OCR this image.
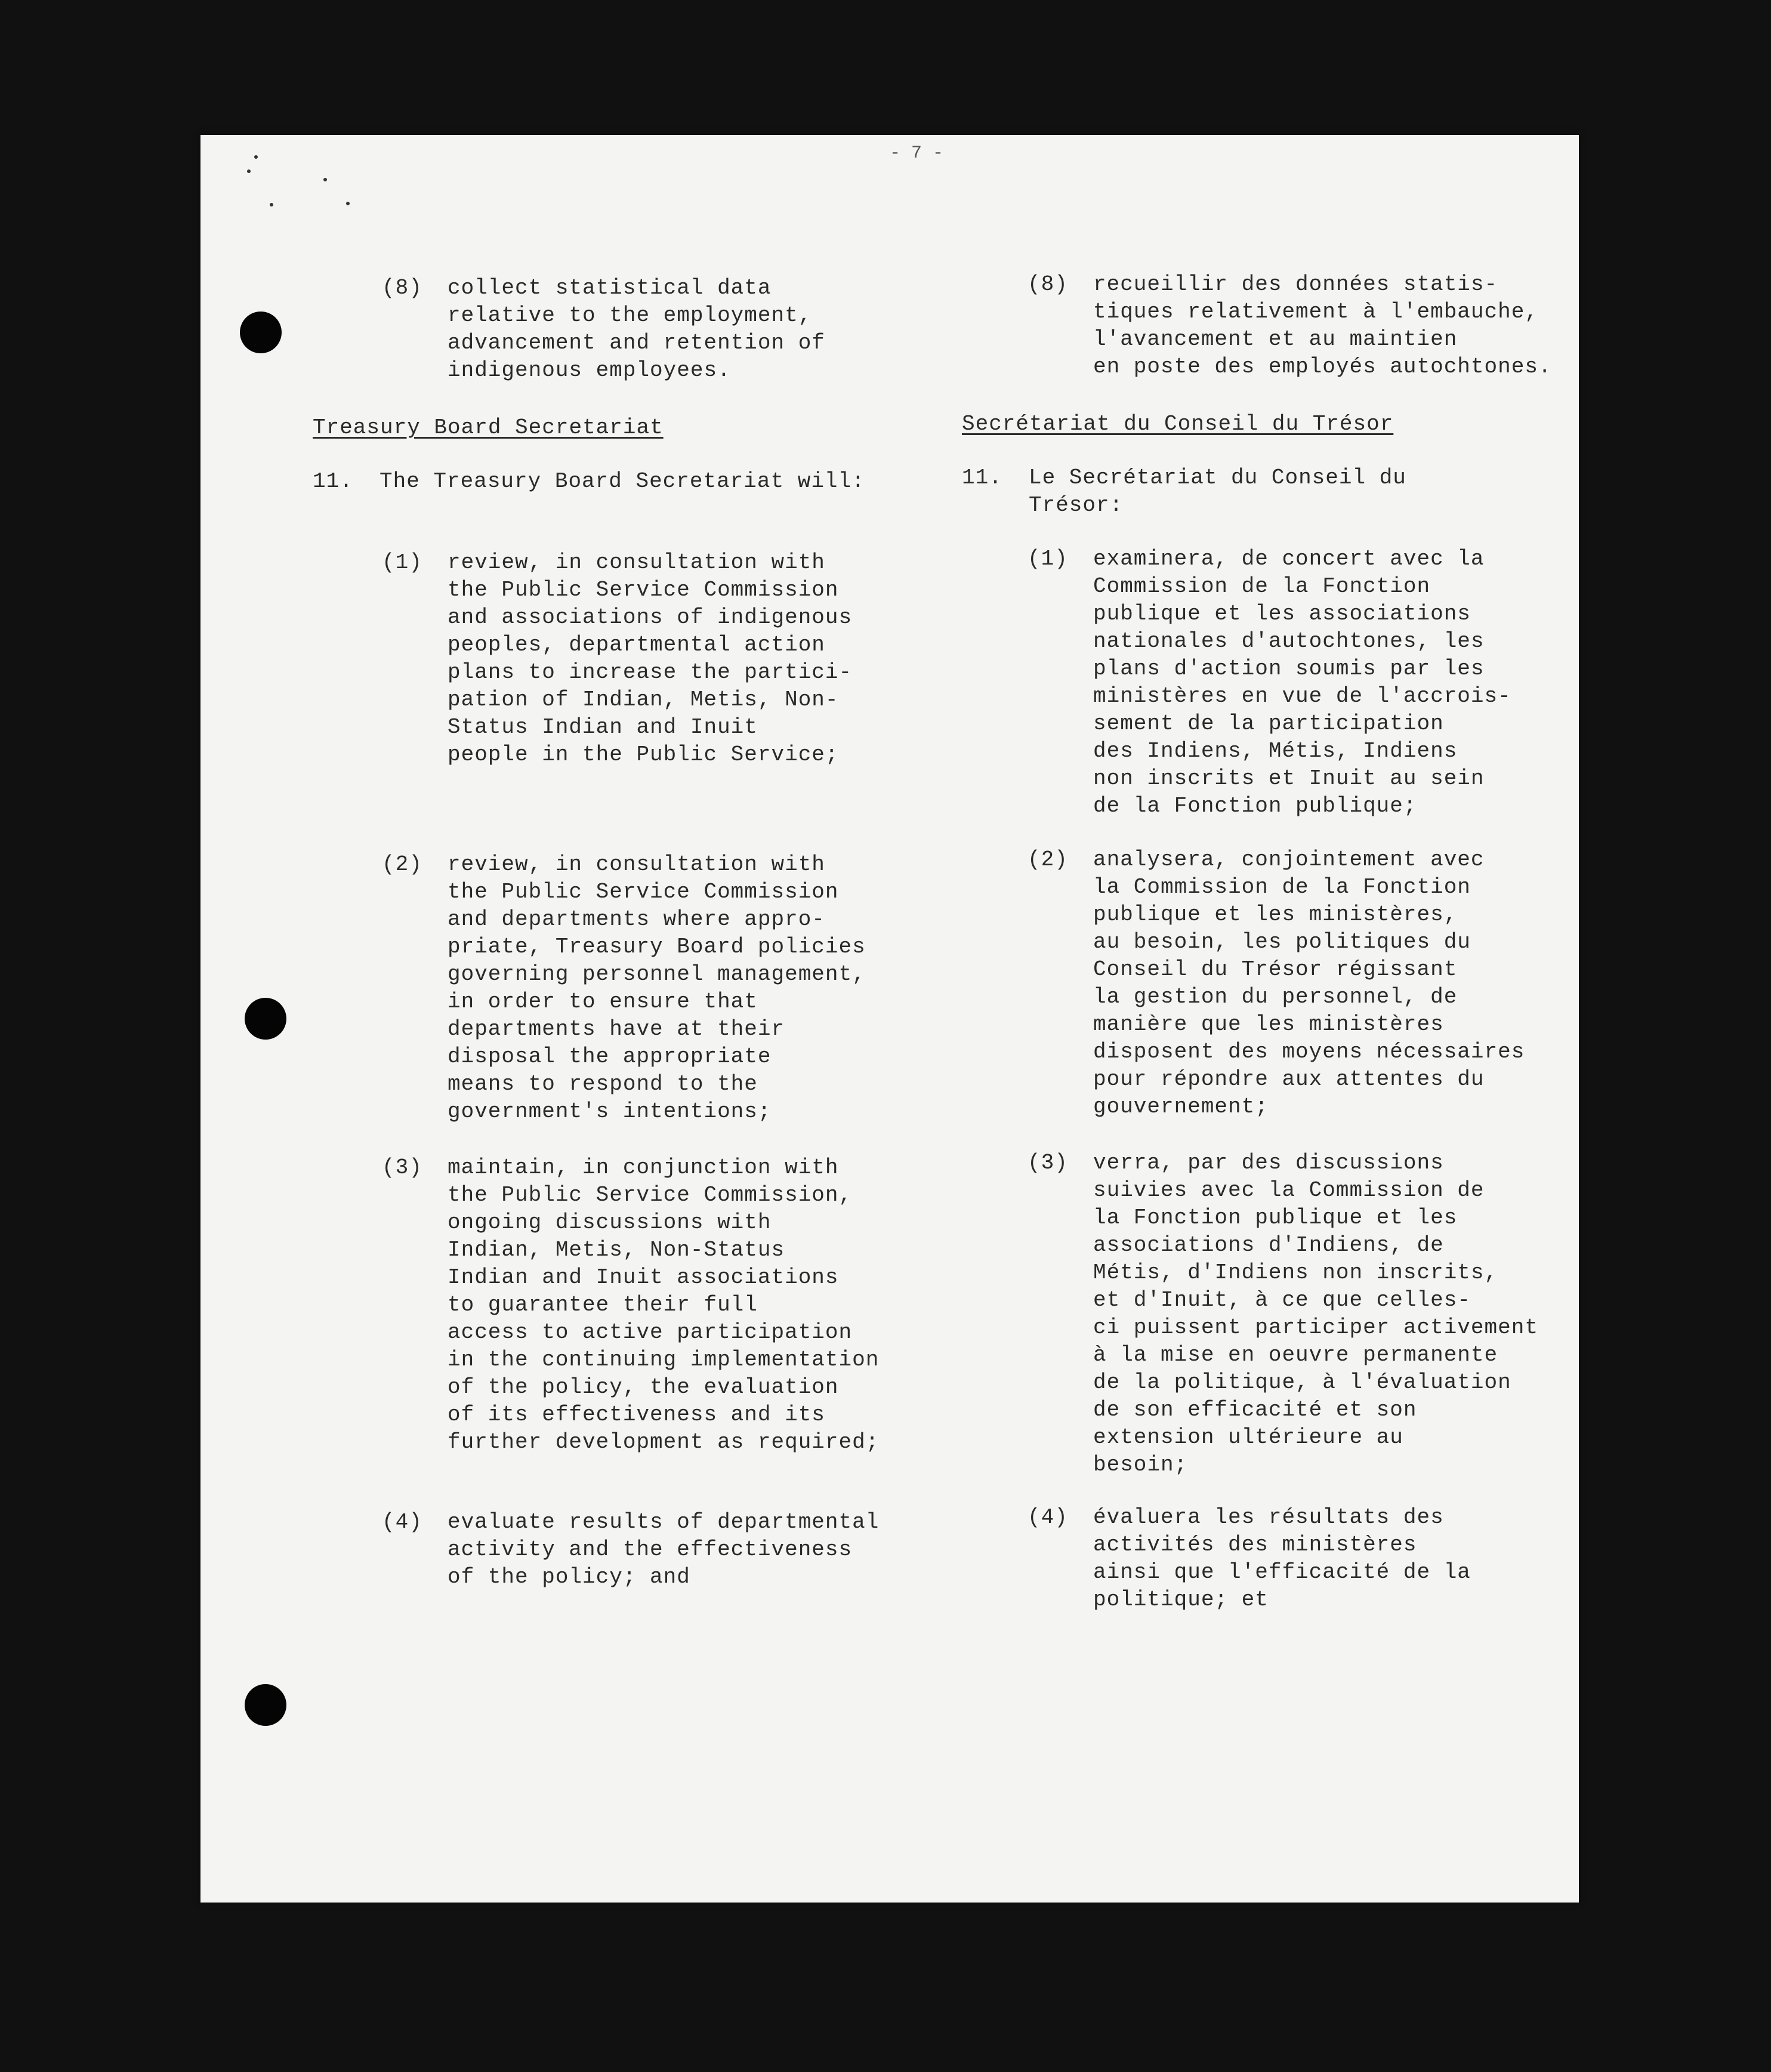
- 7 -
(8) collect statistical data
relative to the employment,
advancement and retention of
indigenous employees.
Treasury Board Secretariat
11. The Treasury Board Secretariat will:
(1) review, in consultation with
the Public Service Commission
and associations of indigenous
peoples, departmental action
plans to increase the partici-
pation of Indian, Metis, Non-
Status Indian and Inuit
people in the Public Service;
(2) review, in consultation with
the Public Service Commission
and departments where appro-
priate, Treasury Board policies
governing personnel management,
in order to ensure that
departments have at their
disposal the appropriate
means to respond to the
government's intentions;
(3) maintain, in conjunction with
the Public Service Commission,
ongoing discussions with
Indian, Metis, Non-Status
Indian and Inuit associations
to guarantee their full
access to active participation
in the continuing implementation
of the policy, the evaluation
of its effectiveness and its
further development as required;
(4) evaluate results of departmental
activity and the effectiveness
of the policy; and
(8) recueillir des données statis-
tiques relativement à l'embauche,
l'avancement et au maintien
en poste des employés autochtones.
Secrétariat du Conseil du Trésor
11. Le Secrétariat du Conseil du
Trésor:
(1) examinera, de concert avec la
Commission de la Fonction
publique et les associations
nationales d'autochtones, les
plans d'action soumis par les
ministères en vue de l'accrois-
sement de la participation
des Indiens, Métis, Indiens
non inscrits et Inuit au sein
de la Fonction publique;
(2) analysera, conjointement avec
la Commission de la Fonction
publique et les ministères,
au besoin, les politiques du
Conseil du Trésor régissant
la gestion du personnel, de
manière que les ministères
disposent des moyens nécessaires
pour répondre aux attentes du
gouvernement;
(3) verra, par des discussions
suivies avec la Commission de
la Fonction publique et les
associations d'Indiens, de
Métis, d'Indiens non inscrits,
et d'Inuit, à ce que celles-
ci puissent participer activement
à la mise en oeuvre permanente
de la politique, à l'évaluation
de son efficacité et son
extension ultérieure au
besoin;
(4) évaluera les résultats des
activités des ministères
ainsi que l'efficacité de la
politique; et
